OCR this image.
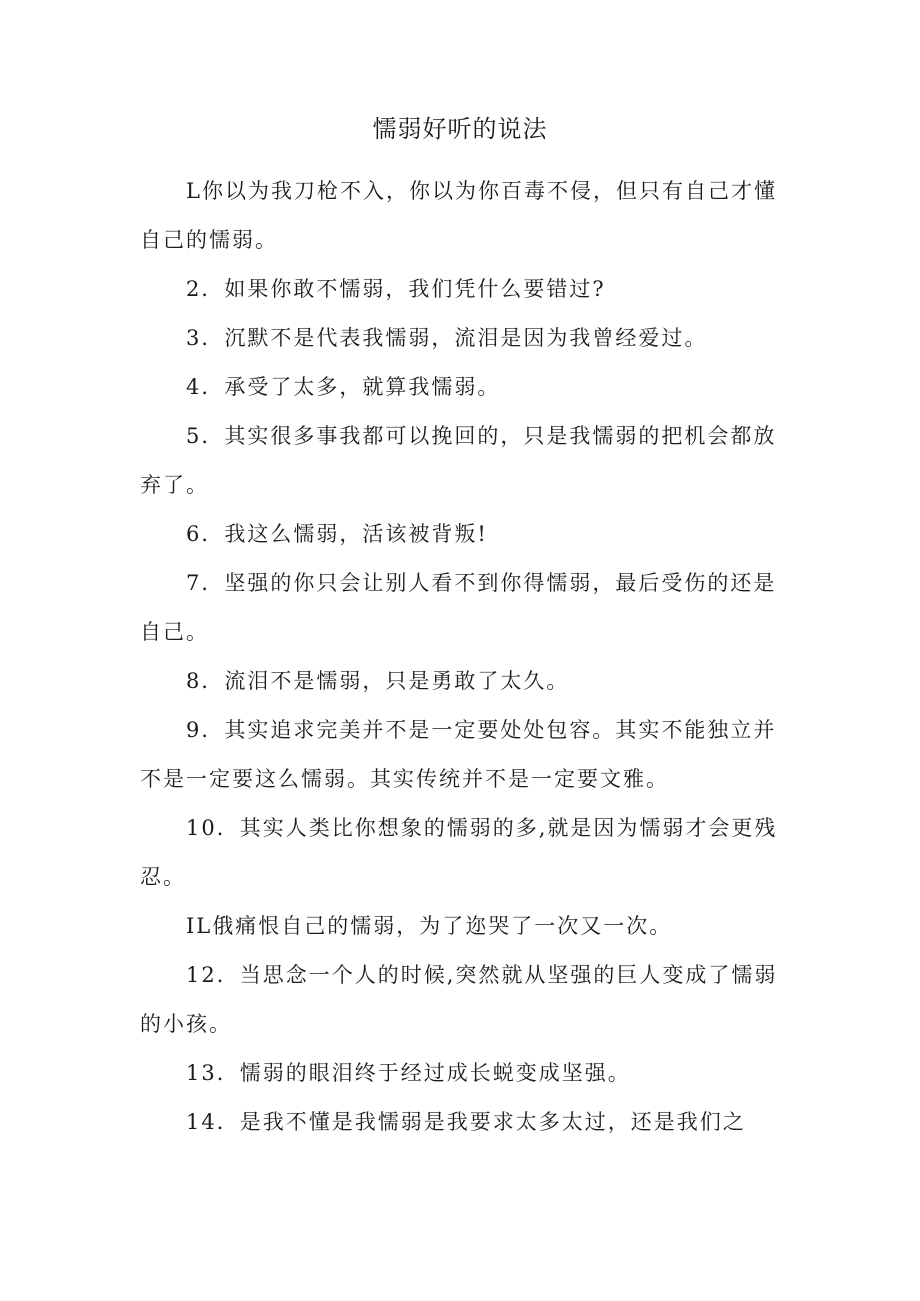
懦弱好听的说法

L你以为我刀枪不入，你以为你百毒不侵，但只有自己才懂自己的懦弱。

2．如果你敢不懦弱，我们凭什么要错过?

3．沉默不是代表我懦弱，流泪是因为我曾经爱过。

4．承受了太多，就算我懦弱。

5．其实很多事我都可以挽回的，只是我懦弱的把机会都放弃了。

6．我这么懦弱，活该被背叛!

7．坚强的你只会让别人看不到你得懦弱，最后受伤的还是自己。

8．流泪不是懦弱，只是勇敢了太久。

9．其实追求完美并不是一定要处处包容。其实不能独立并不是一定要这么懦弱。其实传统并不是一定要文雅。

10．其实人类比你想象的懦弱的多,就是因为懦弱才会更残忍。

IL俄痛恨自己的懦弱，为了迩哭了一次又一次。

12．当思念一个人的时候,突然就从坚强的巨人变成了懦弱的小孩。

13．懦弱的眼泪终于经过成长蜕变成坚强。

14．是我不懂是我懦弱是我要求太多太过，还是我们之
